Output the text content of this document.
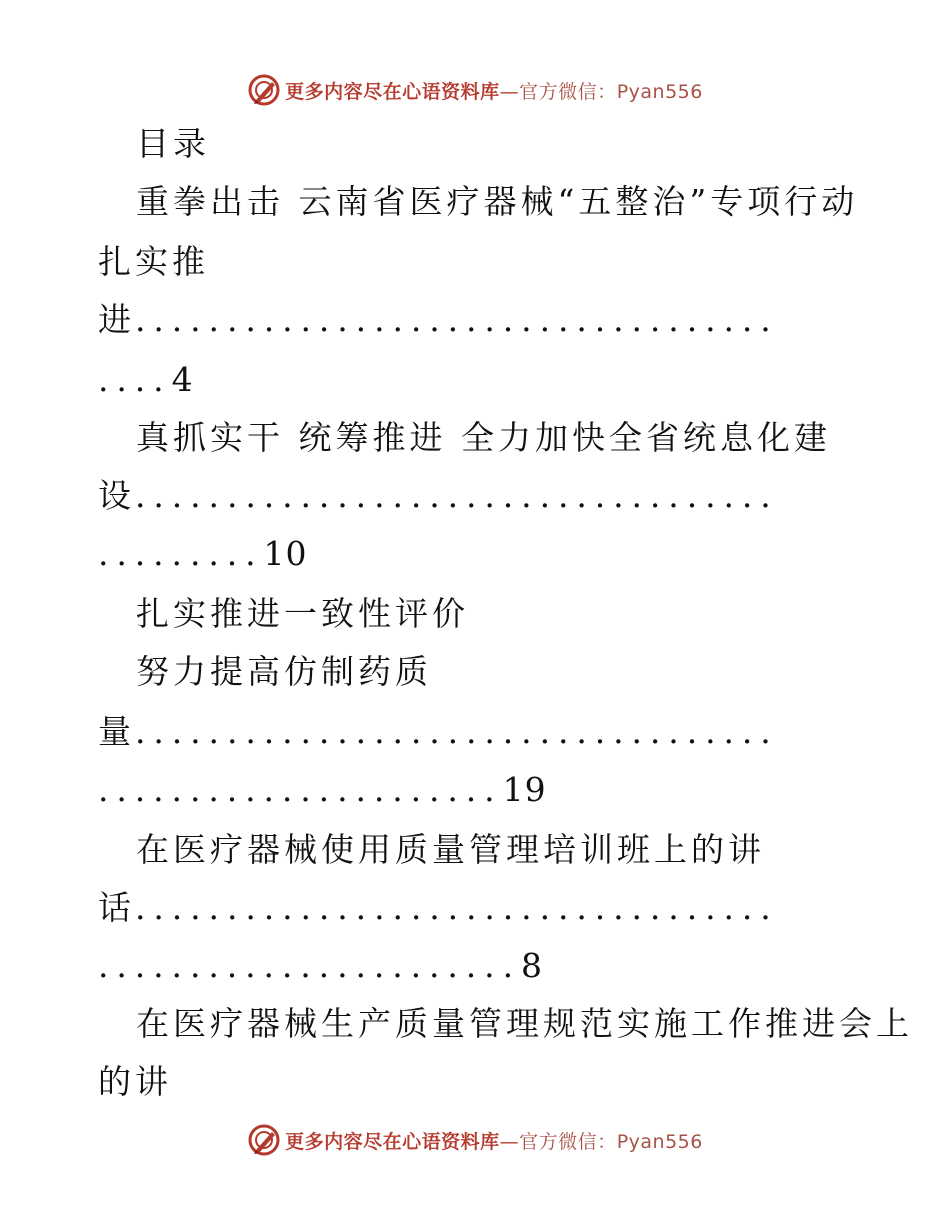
更多内容尽在心语资料库—官方微信：Pyan556
目录
重拳出击 云南省医疗器械“五整治”专项行动
扎实推
进...................................
....4
真抓实干 统筹推进 全力加快全省统息化建
设...................................
.........10
扎实推进一致性评价
努力提高仿制药质
量...................................
......................19
在医疗器械使用质量管理培训班上的讲
话...................................
.......................8
在医疗器械生产质量管理规范实施工作推进会上
的讲
更多内容尽在心语资料库—官方微信：Pyan556
